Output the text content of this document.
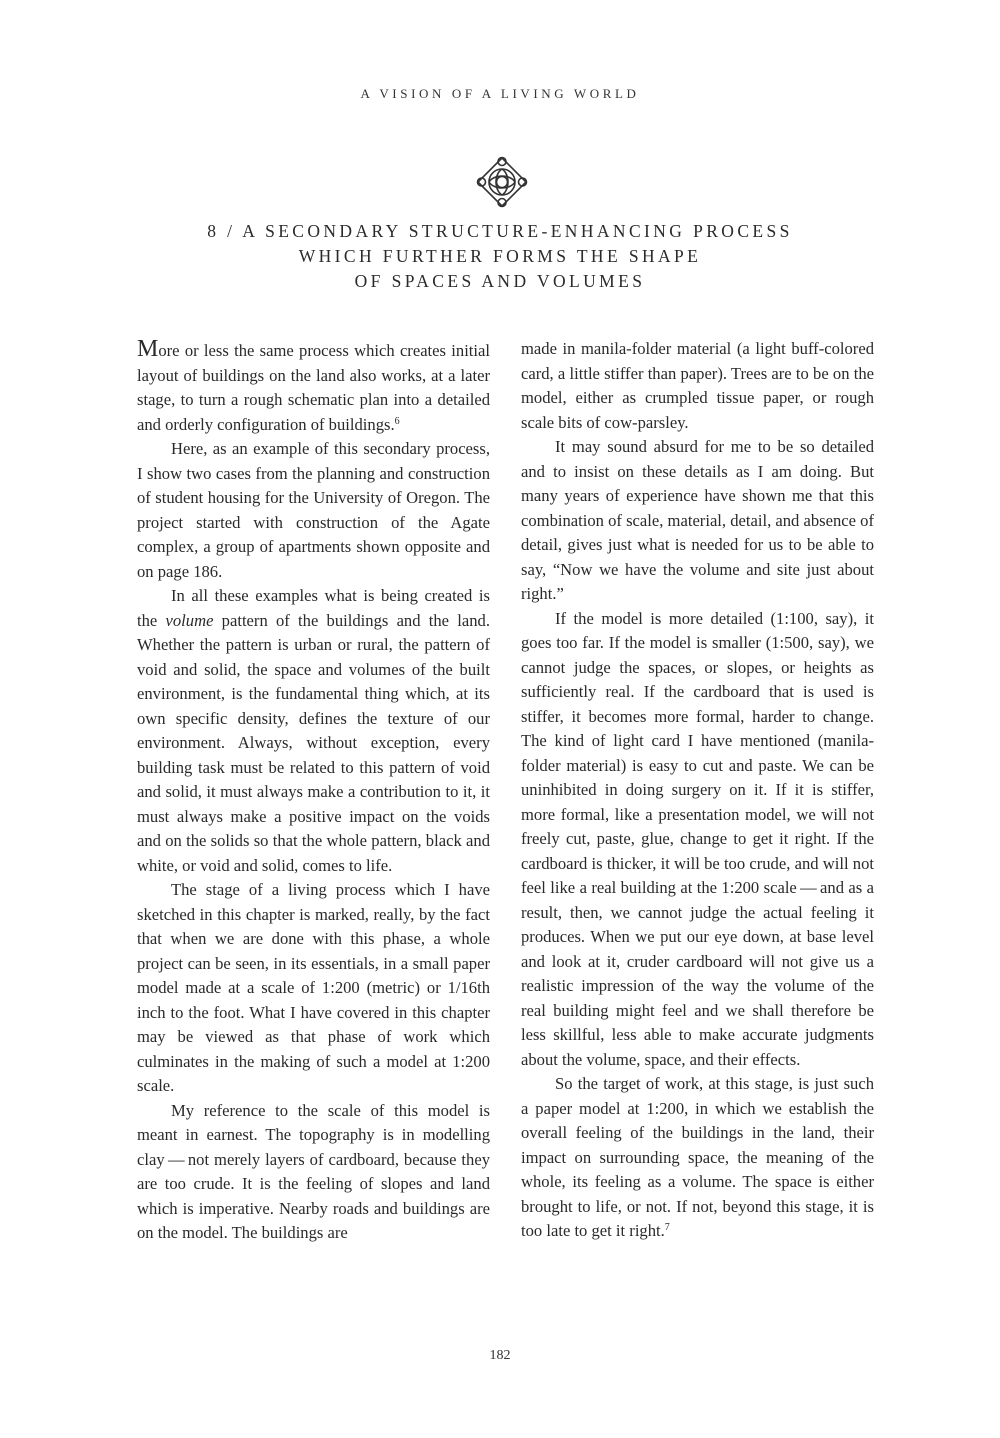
A VISION OF A LIVING WORLD
8 / A SECONDARY STRUCTURE-ENHANCING PROCESS
WHICH FURTHER FORMS THE SHAPE
OF SPACES AND VOLUMES

More or less the same process which creates initial layout of buildings on the land also works, at a later stage, to turn a rough schematic plan into a detailed and orderly configuration of buildings.$^6$

Here, as an example of this secondary process, I show two cases from the planning and construction of student housing for the University of Oregon. The project started with construction of the Agate complex, a group of apartments shown opposite and on page 186.

In all these examples what is being created is the volume pattern of the buildings and the land. Whether the pattern is urban or rural, the pattern of void and solid, the space and volumes of the built environment, is the fundamental thing which, at its own specific density, defines the texture of our environment. Always, without exception, every building task must be related to this pattern of void and solid, it must always make a contribution to it, it must always make a positive impact on the voids and on the solids so that the whole pattern, black and white, or void and solid, comes to life.

The stage of a living process which I have sketched in this chapter is marked, really, by the fact that when we are done with this phase, a whole project can be seen, in its essentials, in a small paper model made at a scale of 1:200 (metric) or 1/16th inch to the foot. What I have covered in this chapter may be viewed as that phase of work which culminates in the making of such a model at 1:200 scale.

My reference to the scale of this model is meant in earnest. The topography is in modelling clay — not merely layers of cardboard, because they are too crude. It is the feeling of slopes and land which is imperative. Nearby roads and buildings are on the model. The buildings are

made in manila-folder material (a light buff-colored card, a little stiffer than paper). Trees are to be on the model, either as crumpled tissue paper, or rough scale bits of cow-parsley.

It may sound absurd for me to be so detailed and to insist on these details as I am doing. But many years of experience have shown me that this combination of scale, material, detail, and absence of detail, gives just what is needed for us to be able to say, “Now we have the volume and site just about right.”

If the model is more detailed (1:100, say), it goes too far. If the model is smaller (1:500, say), we cannot judge the spaces, or slopes, or heights as sufficiently real. If the cardboard that is used is stiffer, it becomes more formal, harder to change. The kind of light card I have mentioned (manila-folder material) is easy to cut and paste. We can be uninhibited in doing surgery on it. If it is stiffer, more formal, like a presentation model, we will not freely cut, paste, glue, change to get it right. If the cardboard is thicker, it will be too crude, and will not feel like a real building at the 1:200 scale — and as a result, then, we cannot judge the actual feeling it produces. When we put our eye down, at base level and look at it, cruder cardboard will not give us a realistic impression of the way the volume of the real building might feel and we shall therefore be less skillful, less able to make accurate judgments about the volume, space, and their effects.

So the target of work, at this stage, is just such a paper model at 1:200, in which we establish the overall feeling of the buildings in the land, their impact on surrounding space, the meaning of the whole, its feeling as a volume. The space is either brought to life, or not. If not, beyond this stage, it is too late to get it right.$^7$

182
